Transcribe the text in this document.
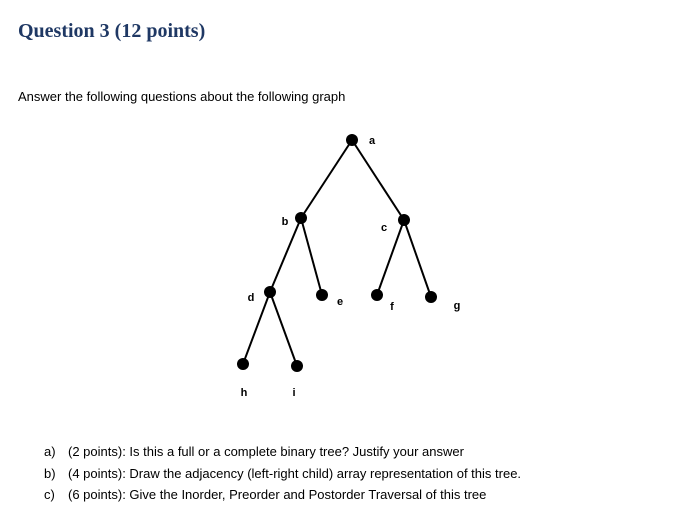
Question 3 (12 points)

Answer the following questions about the following graph

a
b	c
d	e	f	g
h	i
a) (2 points): Is this a full or a complete binary tree? Justify your answer
b) (4 points): Draw the adjacency (left-right child) array representation of this tree.
c) (6 points): Give the Inorder, Preorder and Postorder Traversal of this tree
